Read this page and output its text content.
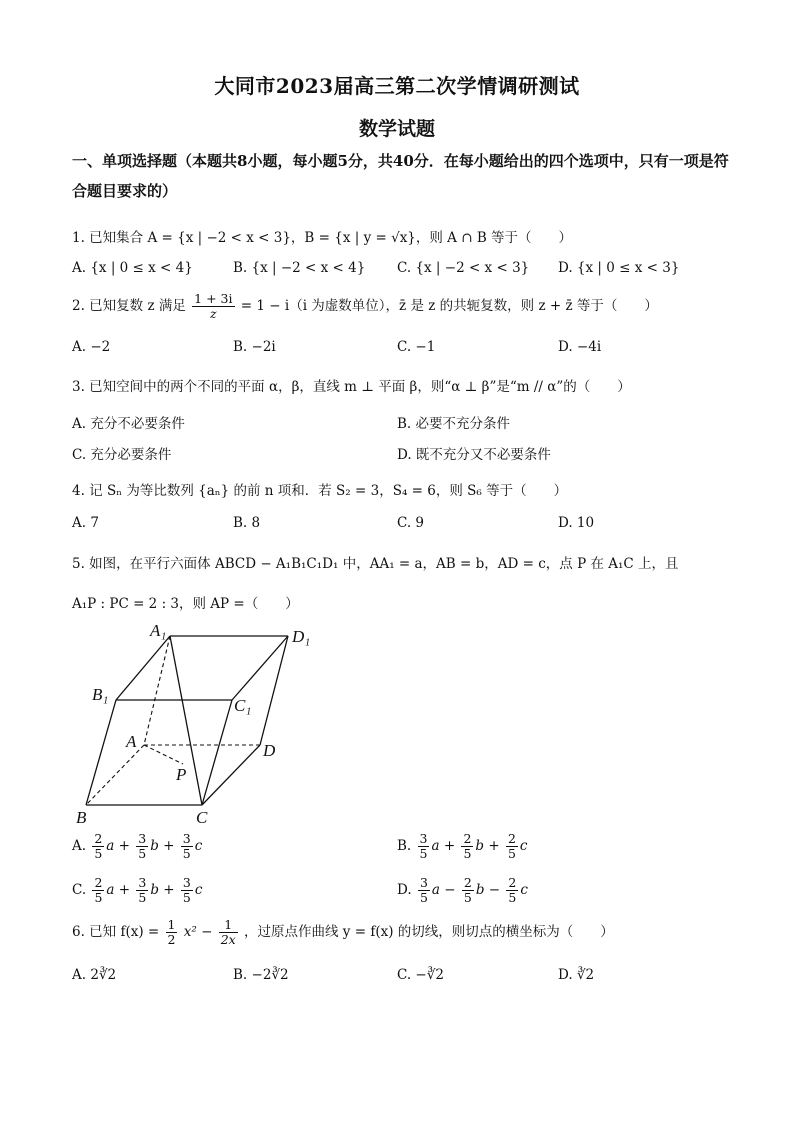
大同市2023届高三第二次学情调研测试
数学试题
一、单项选择题（本题共8小题，每小题5分，共40分．在每小题给出的四个选项中，只有一项是符合题目要求的）
1. 已知集合 A = {x | −2 < x < 3}，B = {x | y = √x}，则 A ∩ B 等于（　　）
A. {x | 0 ≤ x < 4}	B. {x | −2 < x < 4} C. {x | −2 < x < 3} D. {x | 0 ≤ x < 3}
2. 已知复数 z 满足 $\frac{1 + 3i}{z} = 1 - i(i$ 为虚数单位），z̄ 是 z 的共轭复数，则 z + z̄ 等于（　　）
A. −2	B. −2i	C. −1	D. −4i
3. 已知空间中的两个不同的平面 α，β，直线 m ⊥ 平面 β，则“α ⊥ β”是“m // α”的（　　）
A. 充分不必要条件	B. 必要不充分条件
C. 充分必要条件	D. 既不充分又不必要条件
4. 记 Sₙ 为等比数列 {aₙ} 的前 n 项和．若 S₂ = 3，S₄ = 6，则 S₆ 等于（　　）
A. 7	B. 8	C. 9	D. 10
5. 如图，在平行六面体 ABCD − A₁B₁C₁D₁ 中，AA₁ = a，AB = b，AD = c，点 P 在 A₁C 上，且
A₁P : PC = 2 : 3，则 AP =（　　）
A₁	D₁
B₁
C₁
A	D
P
B	C
A. $\frac{2}{5}$ $a + \frac{3}{5}$ $b + \frac{3}{5}$ c	B. $\frac{3}{5}$ $a + \frac{2}{5}$ $b + \frac{2}{5}$ c
C. $\frac{2}{5}$ $a + \frac{3}{5}$ $b + \frac{3}{5}$ c	D. $\frac{3}{5}$ $a - \frac{2}{5}$ $b - \frac{2}{5}$ c
6. 已知 $f(x) = \frac{1}{2} x^2 - \frac{1}{2x}$ ，过原点作曲线 y = f(x) 的切线，则切点的横坐标为（　　）
A. 2∛2	B. −2∛2	C. −∛2	D. ∛2
